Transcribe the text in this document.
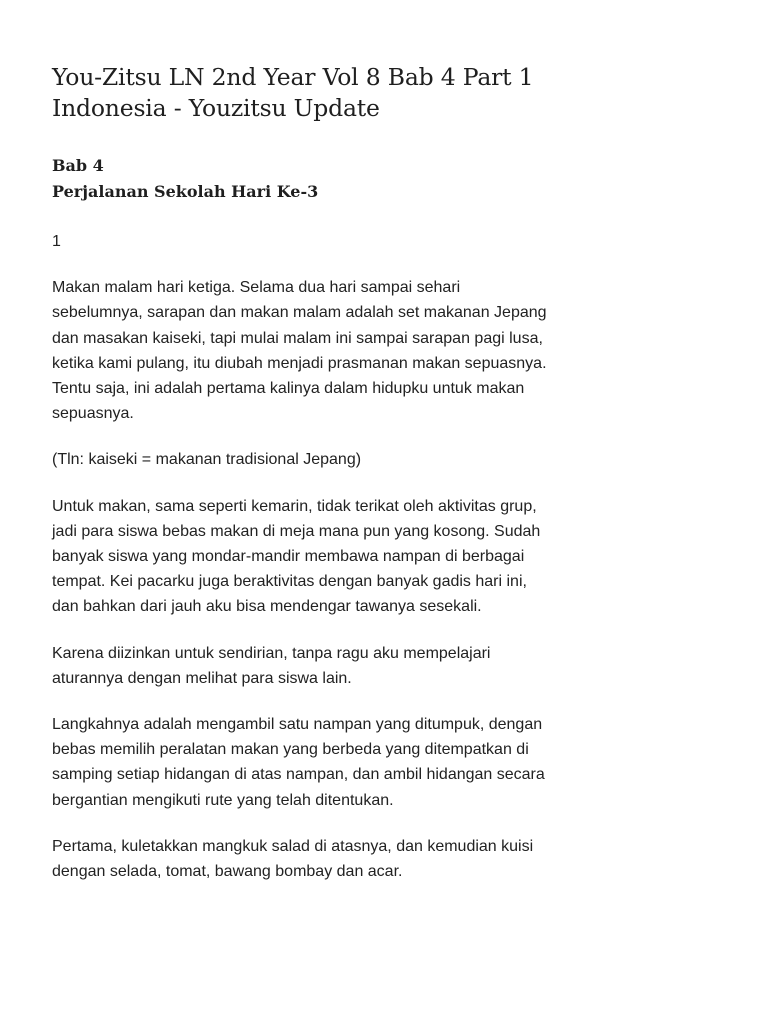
You-Zitsu LN 2nd Year Vol 8 Bab 4 Part 1 Indonesia - Youzitsu Update
Bab 4
Perjalanan Sekolah Hari Ke-3

1

Makan malam hari ketiga. Selama dua hari sampai sehari sebelumnya, sarapan dan makan malam adalah set makanan Jepang dan masakan kaiseki, tapi mulai malam ini sampai sarapan pagi lusa, ketika kami pulang, itu diubah menjadi prasmanan makan sepuasnya. Tentu saja, ini adalah pertama kalinya dalam hidupku untuk makan sepuasnya.

(Tln: kaiseki = makanan tradisional Jepang)

Untuk makan, sama seperti kemarin, tidak terikat oleh aktivitas grup, jadi para siswa bebas makan di meja mana pun yang kosong. Sudah banyak siswa yang mondar-mandir membawa nampan di berbagai tempat. Kei pacarku juga beraktivitas dengan banyak gadis hari ini, dan bahkan dari jauh aku bisa mendengar tawanya sesekali.

Karena diizinkan untuk sendirian, tanpa ragu aku mempelajari aturannya dengan melihat para siswa lain.

Langkahnya adalah mengambil satu nampan yang ditumpuk, dengan bebas memilih peralatan makan yang berbeda yang ditempatkan di samping setiap hidangan di atas nampan, dan ambil hidangan secara bergantian mengikuti rute yang telah ditentukan.

Pertama, kuletakkan mangkuk salad di atasnya, dan kemudian kuisi dengan selada, tomat, bawang bombay dan acar.
